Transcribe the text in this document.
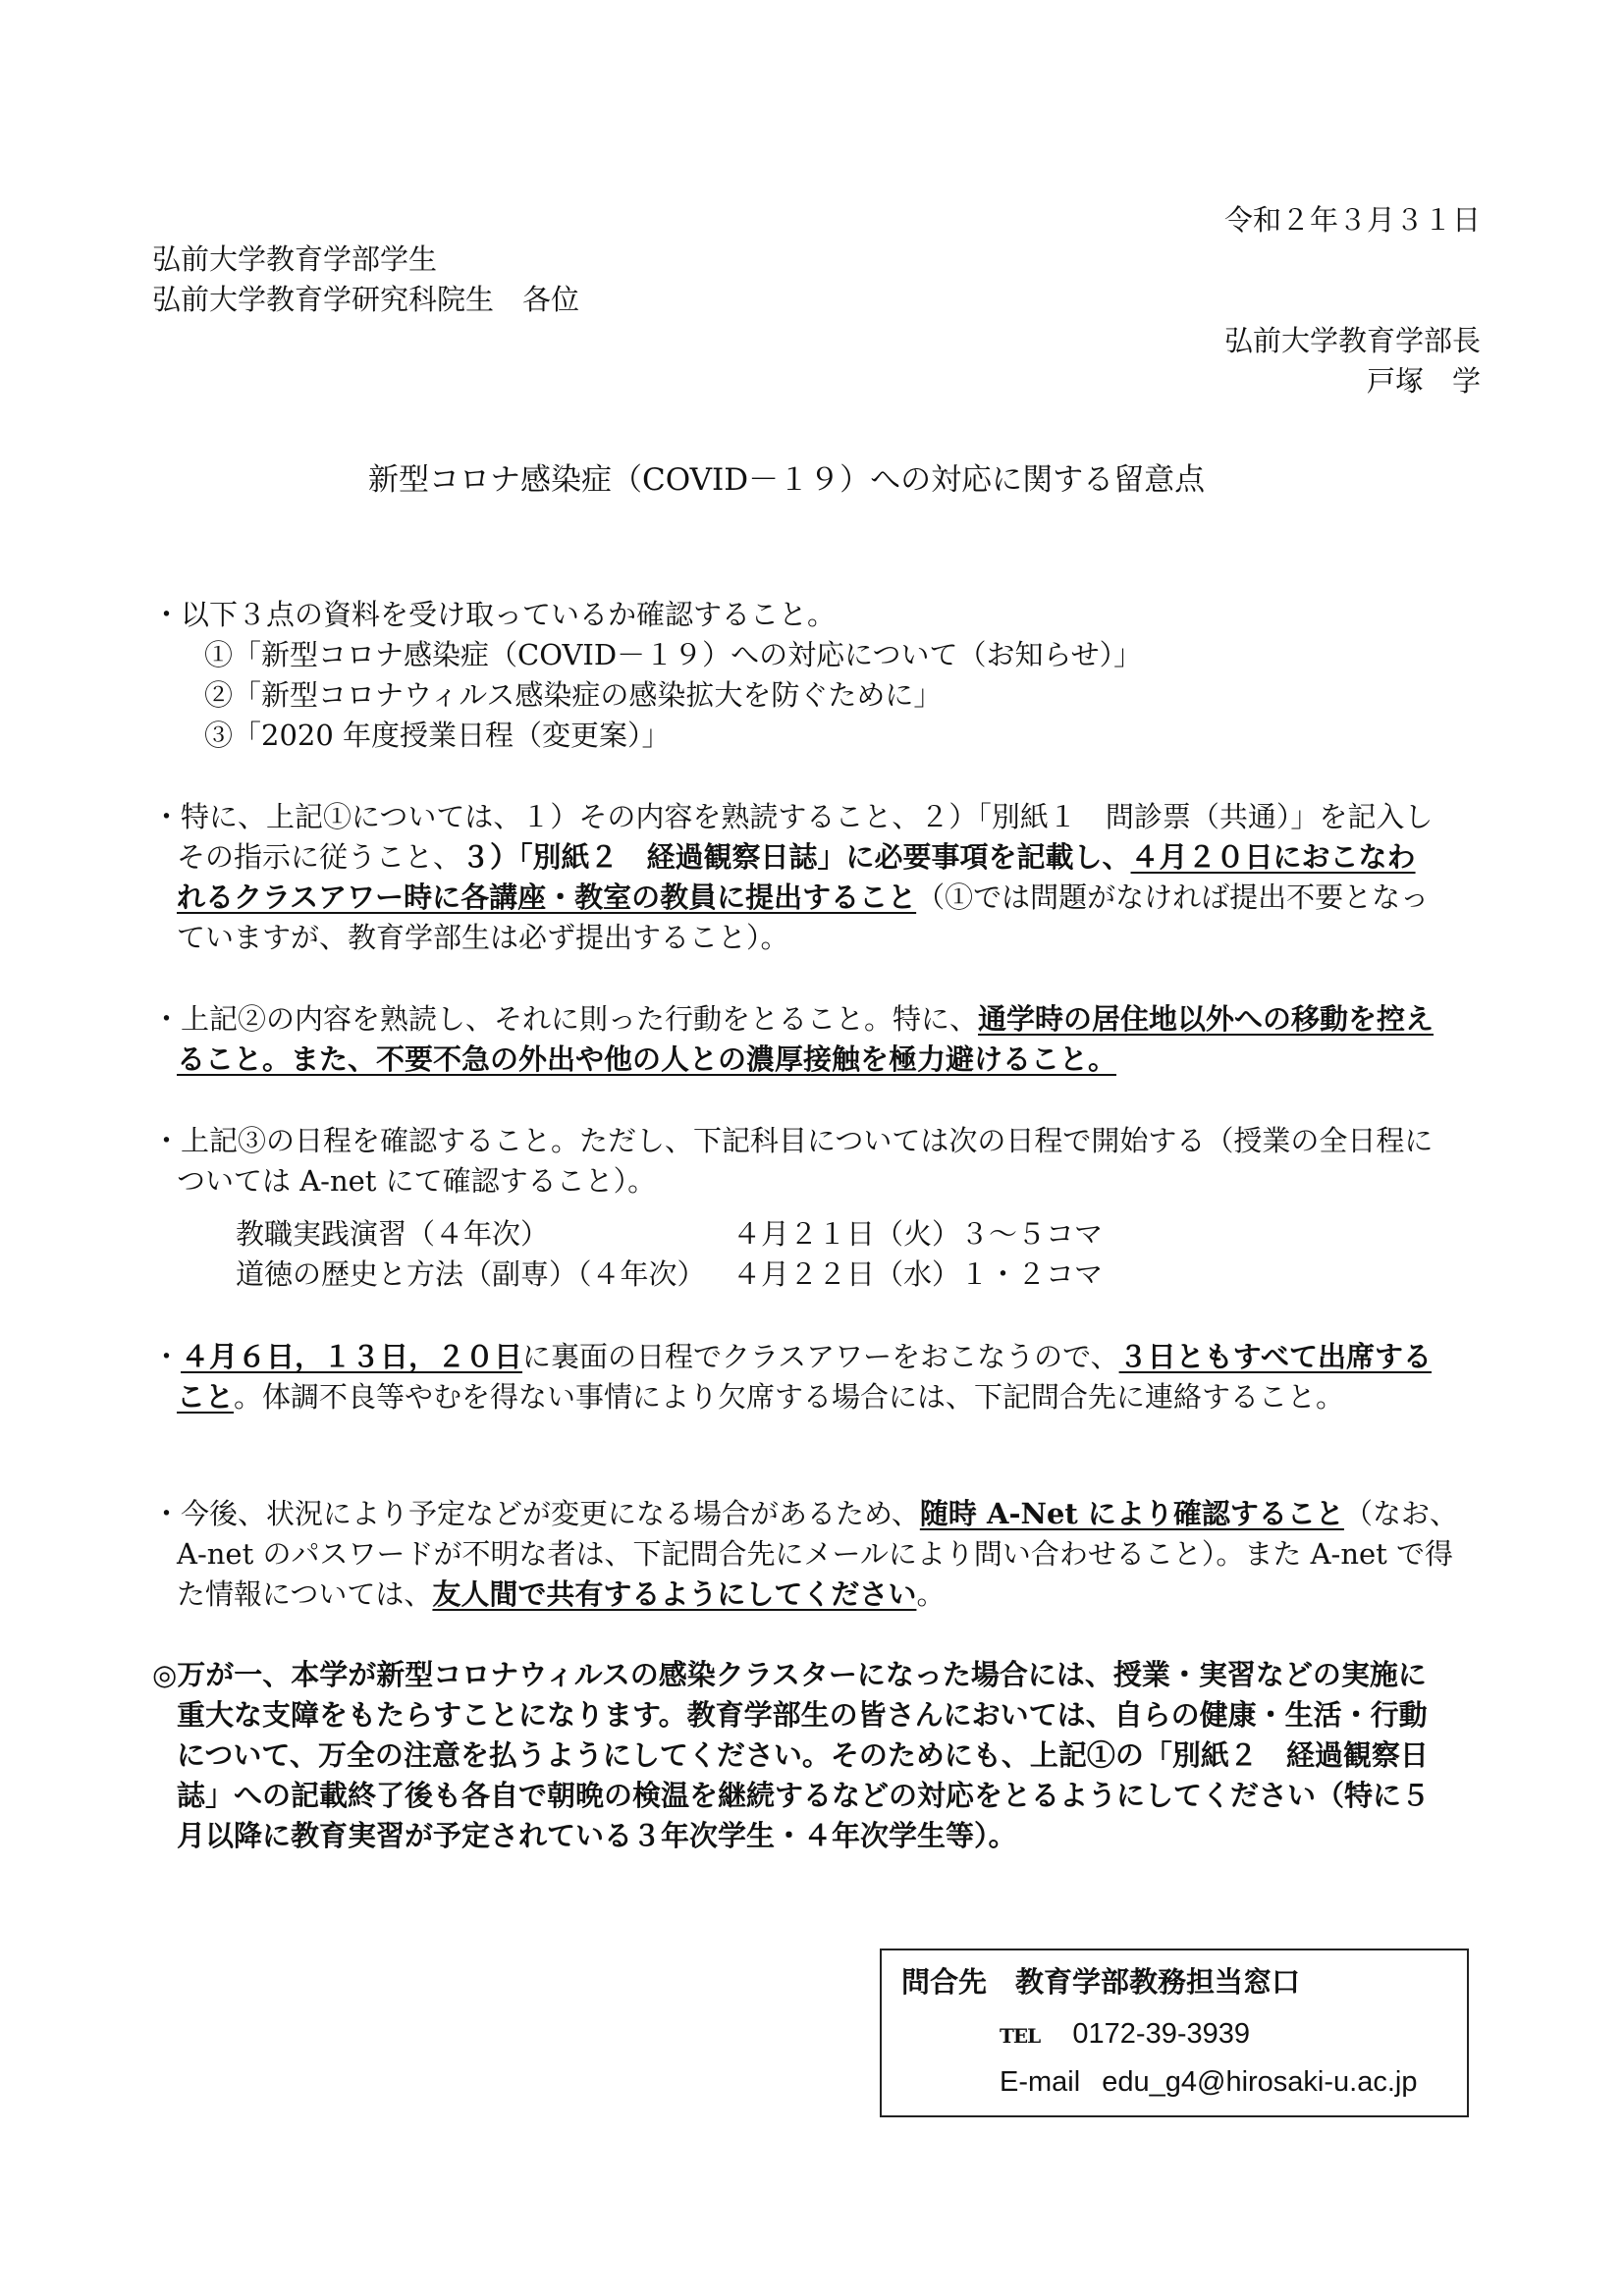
令和２年３月３１日
弘前大学教育学部学生
弘前大学教育学研究科院生　各位
弘前大学教育学部長
戸塚　学
新型コロナ感染症（COVID－１９）への対応に関する留意点
・以下３点の資料を受け取っているか確認すること。
①「新型コロナ感染症（COVID－１９）への対応について（お知らせ）」
②「新型コロナウィルス感染症の感染拡大を防ぐために」
③「2020 年度授業日程（変更案）」
・特に、上記①については、１）その内容を熟読すること、２）「別紙１　問診票（共通）」を記入し
その指示に従うこと、３）「別紙２　経過観察日誌」に必要事項を記載し、４月２０日におこなわ
れるクラスアワー時に各講座・教室の教員に提出すること（①では問題がなければ提出不要となっ
ていますが、教育学部生は必ず提出すること）。
・上記②の内容を熟読し、それに則った行動をとること。特に、通学時の居住地以外への移動を控え
ること。また、不要不急の外出や他の人との濃厚接触を極力避けること。
・上記③の日程を確認すること。ただし、下記科目については次の日程で開始する（授業の全日程に
ついては A-net にて確認すること）。
教職実践演習（４年次）	４月２１日（火）３～５コマ
道徳の歴史と方法（副専）（４年次） ４月２２日（水）１・２コマ
・４月６日，１３日，２０日に裏面の日程でクラスアワーをおこなうので、３日ともすべて出席する
こと。体調不良等やむを得ない事情により欠席する場合には、下記問合先に連絡すること。
・今後、状況により予定などが変更になる場合があるため、随時 A-Net により確認すること（なお、
A-net のパスワードが不明な者は、下記問合先にメールにより問い合わせること）。また A-net で得
た情報については、友人間で共有するようにしてください。
◎万が一、本学が新型コロナウィルスの感染クラスターになった場合には、授業・実習などの実施に
重大な支障をもたらすことになります。教育学部生の皆さんにおいては、自らの健康・生活・行動
について、万全の注意を払うようにしてください。そのためにも、上記①の「別紙２　経過観察日
誌」への記載終了後も各自で朝晩の検温を継続するなどの対応をとるようにしてください（特に５
月以降に教育実習が予定されている３年次学生・４年次学生等）。
問合先　教育学部教務担当窓口
TEL 0172-39-3939
E-mail edu_g4@hirosaki-u.ac.jp
